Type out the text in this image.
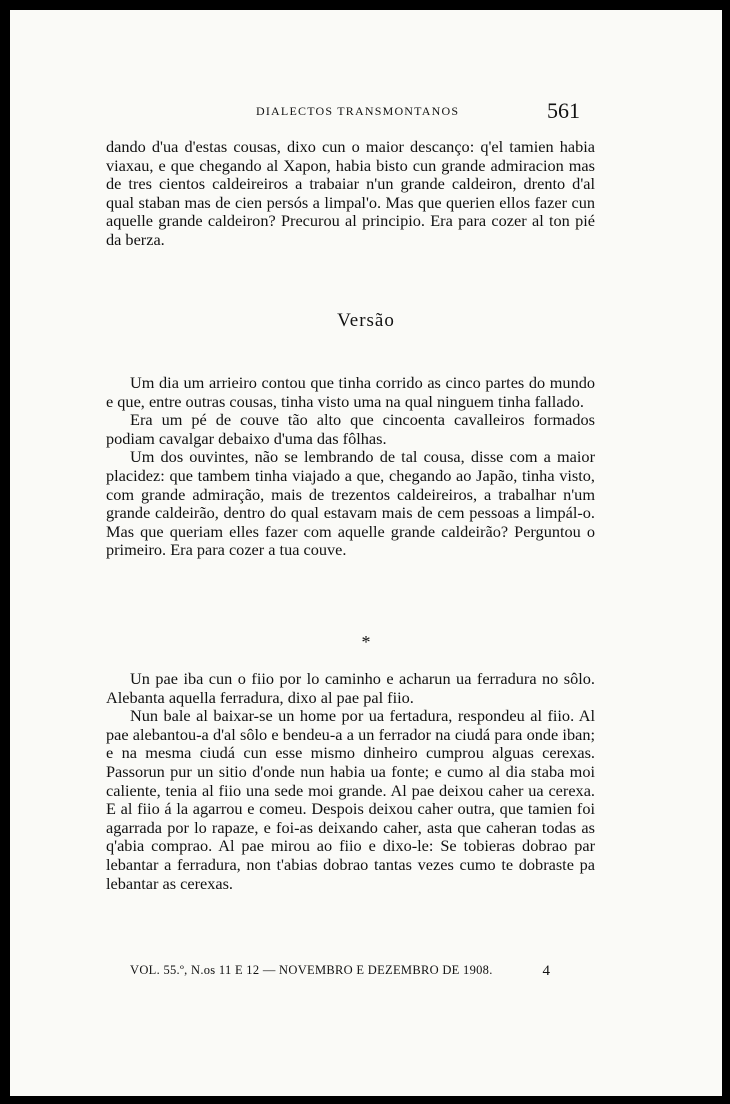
DIALECTOS TRANSMONTANOS	561

dando d'ua d'estas cousas, dixo cun o maior descanço: q'el tamien habia viaxau, e que chegando al Xapon, habia bisto cun grande admiracion mas de tres cientos caldeireiros a trabaiar n'un grande caldeiron, drento d'al qual staban mas de cien persós a limpal'o. Mas que querien ellos fazer cun aquelle grande caldeiron? Precurou al principio. Era para cozer al ton pié da berza.

Versão

Um dia um arrieiro contou que tinha corrido as cinco partes do mundo e que, entre outras cousas, tinha visto uma na qual ninguem tinha fallado.

Era um pé de couve tão alto que cincoenta cavalleiros formados podiam cavalgar debaixo d'uma das fôlhas.

Um dos ouvintes, não se lembrando de tal cousa, disse com a maior placidez: que tambem tinha viajado a que, chegando ao Japão, tinha visto, com grande admiração, mais de trezentos caldeireiros, a trabalhar n'um grande caldeirão, dentro do qual estavam mais de cem pessoas a limpál-o. Mas que queriam elles fazer com aquelle grande caldeirão? Perguntou o primeiro. Era para cozer a tua couve.

*

Un pae iba cun o fiio por lo caminho e acharun ua ferradura no sôlo. Alebanta aquella ferradura, dixo al pae pal fiio.

Nun bale al baixar-se un home por ua fertadura, respondeu al fiio. Al pae alebantou-a d'al sôlo e bendeu-a a un ferrador na ciudá para onde iban; e na mesma ciudá cun esse mismo dinheiro cumprou alguas cerexas. Passorun pur un sitio d'onde nun habia ua fonte; e cumo al dia staba moi caliente, tenia al fiio una sede moi grande. Al pae deixou caher ua cerexa. E al fiio á la agarrou e comeu. Despois deixou caher outra, que tamien foi agarrada por lo rapaze, e foi-as deixando caher, asta que caheran todas as q'abia comprao. Al pae mirou ao fiio e dixo-le: Se tobieras dobrao par lebantar a ferradura, non t'abias dobrao tantas vezes cumo te dobraste pa lebantar as cerexas.

VOL. 55.º, N.os 11 E 12 — NOVEMBRO E DEZEMBRO DE 1908.	4
